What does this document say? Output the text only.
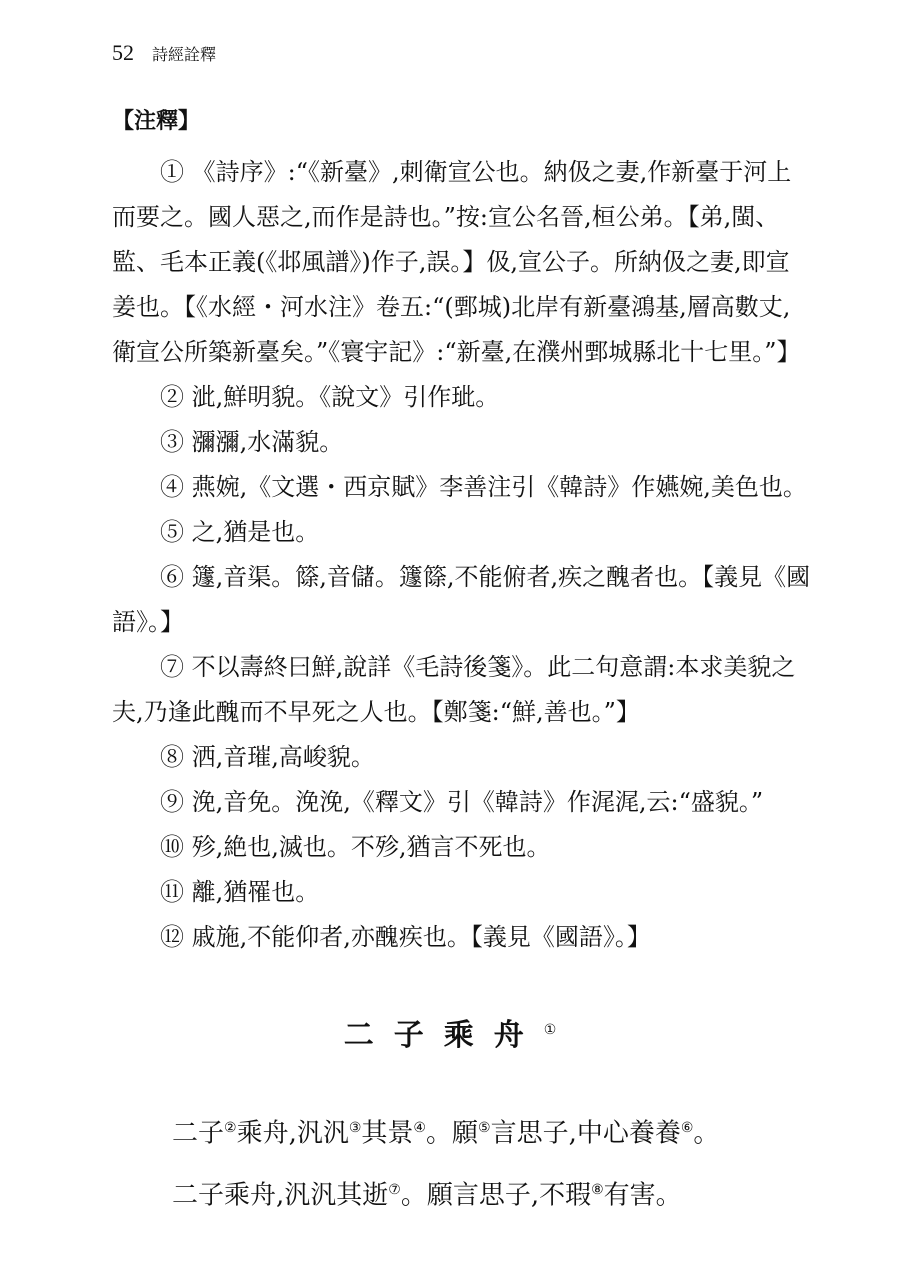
52 詩經詮釋
【注釋】

① 《詩序》:“《新臺》,刺衛宣公也。納伋之妻,作新臺于河上而要之。國人惡之,而作是詩也。”按:宣公名晉,桓公弟。【弟,閩、監、毛本正義(《邶風譜》)作子,誤。】伋,宣公子。所納伋之妻,即宣姜也。【《水經・河水注》卷五:“(鄄城)北岸有新臺鴻基,層高數丈,衛宣公所築新臺矣。”《寰宇記》:“新臺,在濮州鄄城縣北十七里。”】

② 泚,鮮明貌。《說文》引作玼。

③ 瀰瀰,水滿貌。

④ 燕婉,《文選・西京賦》李善注引《韓詩》作嬿婉,美色也。

⑤ 之,猶是也。

⑥ 籧,音渠。篨,音儲。籧篨,不能俯者,疾之醜者也。【義見《國語》。】

⑦ 不以壽終曰鮮,說詳《毛詩後箋》。此二句意謂:本求美貌之夫,乃逢此醜而不早死之人也。【鄭箋:“鮮,善也。”】

⑧ 洒,音璀,高峻貌。

⑨ 浼,音免。浼浼,《釋文》引《韓詩》作浘浘,云:“盛貌。”

⑩ 殄,絶也,滅也。不殄,猶言不死也。

⑪ 離,猶罹也。

⑫ 戚施,不能仰者,亦醜疾也。【義見《國語》。】

二子乘舟①
二子②乘舟,汎汎③其景④。願⑤言思子,中心養養⑥。
二子乘舟,汎汎其逝⑦。願言思子,不瑕⑧有害。
